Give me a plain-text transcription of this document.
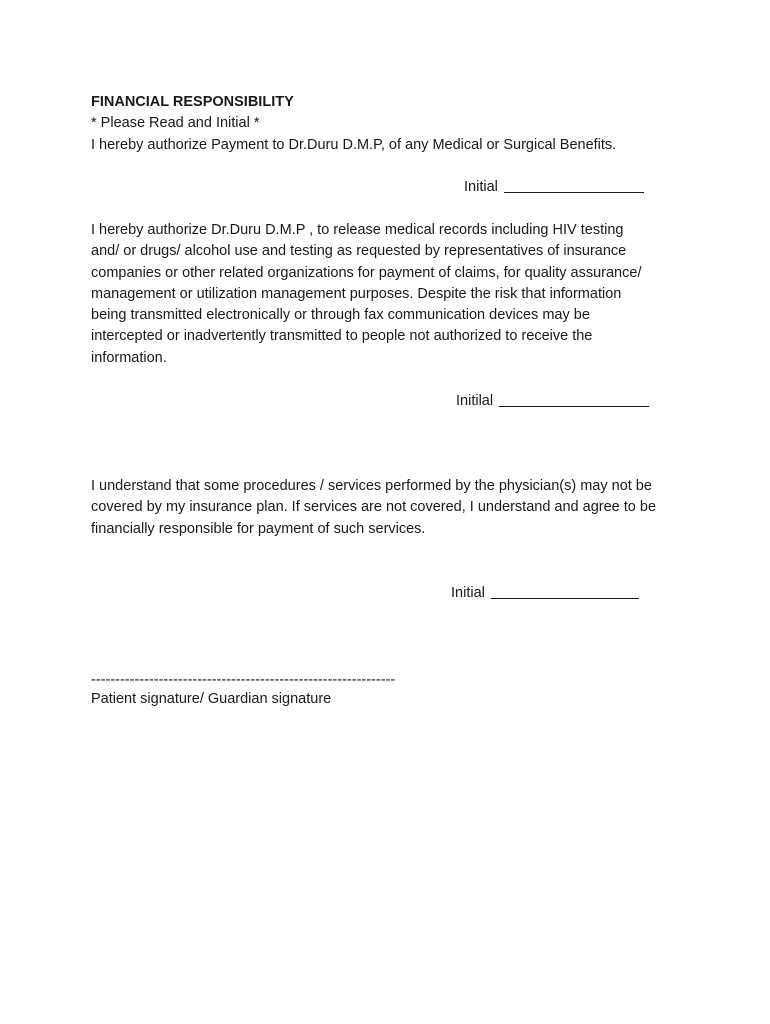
FINANCIAL RESPONSIBILITY
* Please Read and Initial *
I hereby authorize Payment to Dr.Duru D.M.P, of any Medical or Surgical Benefits.
Initial
I hereby authorize Dr.Duru D.M.P , to release medical records including HIV testing
and/ or drugs/ alcohol use and testing as requested by representatives of insurance
companies or other related organizations for payment of claims, for quality assurance/
management or utilization management purposes. Despite the risk that information
being transmitted electronically or through fax communication devices may be
intercepted or inadvertently transmitted to people not authorized to receive the
information.
Initilal
I understand that some procedures / services performed by the physician(s) may not be
covered by my insurance plan. If services are not covered, I understand and agree to be
financially responsible for payment of such services.
Initial
---------------------------------------------------------------
Patient signature/ Guardian signature
